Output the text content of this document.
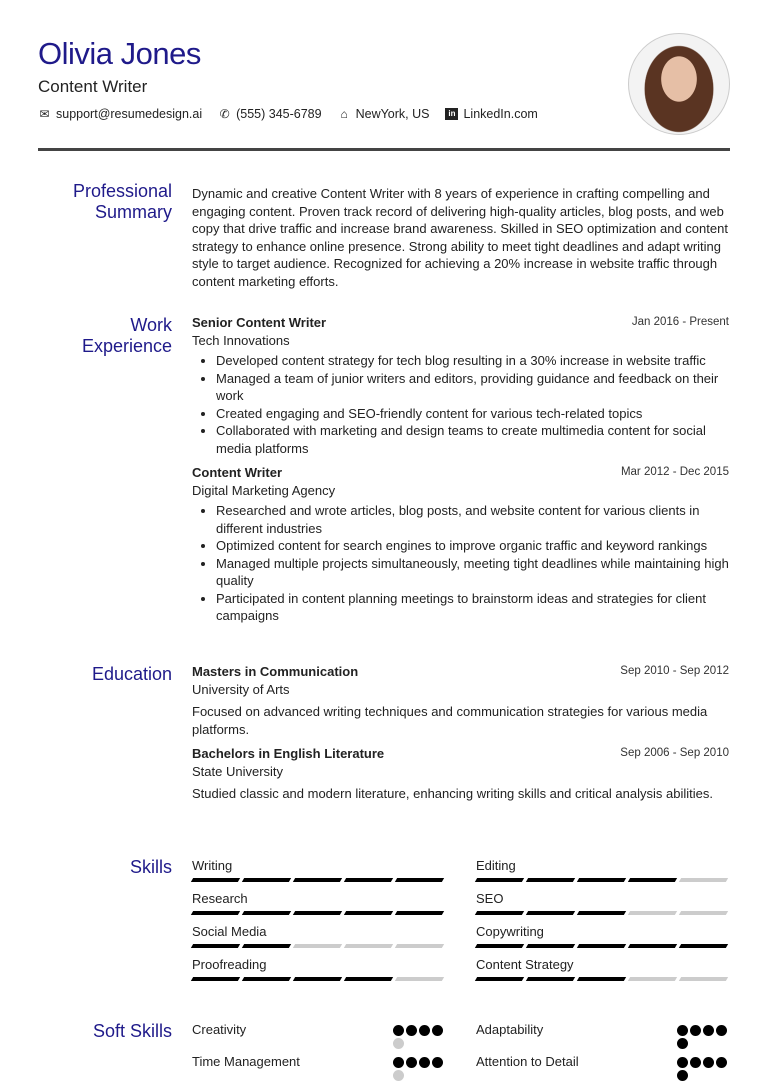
Olivia Jones
Content Writer
✉ support@resumedesign.ai ✆ (555) 345-6789 ⌂ NewYork, US	in LinkedIn.com
Professional Summary
Dynamic and creative Content Writer with 8 years of experience in crafting compelling and engaging content. Proven track record of delivering high-quality articles, blog posts, and web copy that drive traffic and increase brand awareness. Skilled in SEO optimization and content strategy to enhance online presence. Strong ability to meet tight deadlines and adapt writing style to target audience. Recognized for achieving a 20% increase in website traffic through content marketing efforts.
Work Experience
Senior Content Writer	Jan 2016 - Present
Tech Innovations
• Developed content strategy for tech blog resulting in a 30% increase in website traffic
• Managed a team of junior writers and editors, providing guidance and feedback on their work
• Created engaging and SEO-friendly content for various tech-related topics
• Collaborated with marketing and design teams to create multimedia content for social media platforms
Content Writer	Mar 2012 - Dec 2015
Digital Marketing Agency
• Researched and wrote articles, blog posts, and website content for various clients in different industries
• Optimized content for search engines to improve organic traffic and keyword rankings
• Managed multiple projects simultaneously, meeting tight deadlines while maintaining high quality
• Participated in content planning meetings to brainstorm ideas and strategies for client campaigns
Education Masters in Communication	Sep 2010 - Sep 2012
University of Arts
Focused on advanced writing techniques and communication strategies for various media platforms.
Bachelors in English Literature	Sep 2006 - Sep 2010
State University
Studied classic and modern literature, enhancing writing skills and critical analysis abilities.
Skills Writing	Editing
Research	SEO
Social Media	Copywriting
Proofreading	Content Strategy
Soft Skills Creativity	Adaptability
Time Management	Attention to Detail
